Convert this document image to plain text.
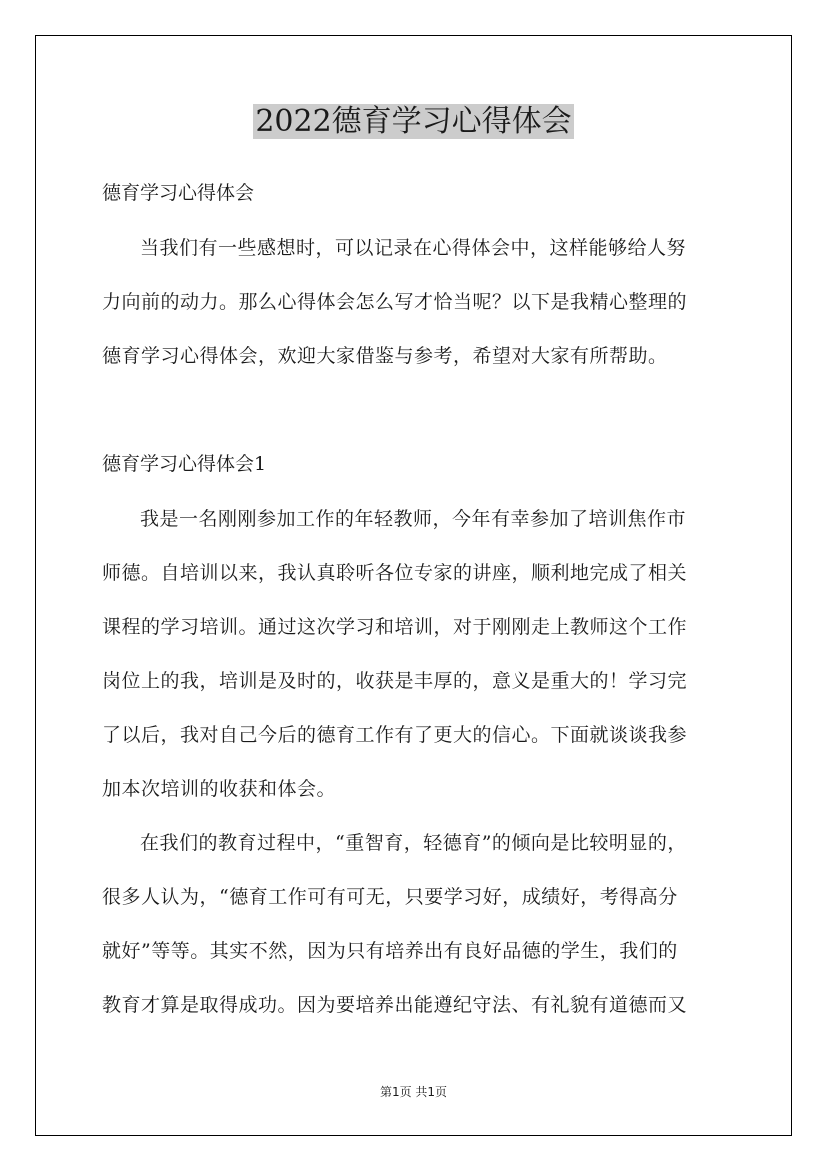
2022德育学习心得体会
德育学习心得体会
当我们有一些感想时，可以记录在心得体会中，这样能够给人努
力向前的动力。那么心得体会怎么写才恰当呢？以下是我精心整理的
德育学习心得体会，欢迎大家借鉴与参考，希望对大家有所帮助。
德育学习心得体会1
我是一名刚刚参加工作的年轻教师，今年有幸参加了培训焦作市
师德。自培训以来，我认真聆听各位专家的讲座，顺利地完成了相关
课程的学习培训。通过这次学习和培训，对于刚刚走上教师这个工作
岗位上的我，培训是及时的，收获是丰厚的，意义是重大的！学习完
了以后，我对自己今后的德育工作有了更大的信心。下面就谈谈我参
加本次培训的收获和体会。
在我们的教育过程中，“重智育，轻德育”的倾向是比较明显的，
很多人认为，“德育工作可有可无，只要学习好，成绩好，考得高分
就好”等等。其实不然，因为只有培养出有良好品德的学生，我们的
教育才算是取得成功。因为要培养出能遵纪守法、有礼貌有道德而又
第1页 共1页
